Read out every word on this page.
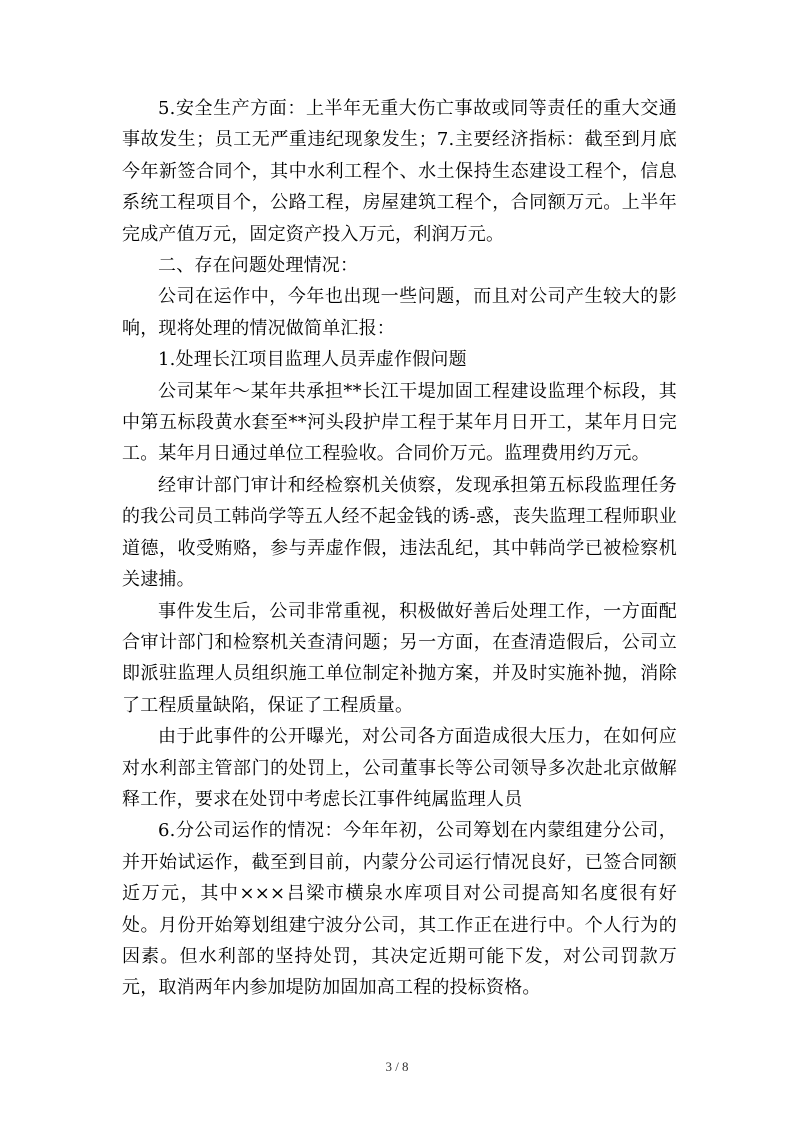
5.安全生产方面：上半年无重大伤亡事故或同等责任的重大交通事故发生；员工无严重违纪现象发生；7.主要经济指标：截至到月底今年新签合同个，其中水利工程个、水土保持生态建设工程个，信息系统工程项目个，公路工程，房屋建筑工程个，合同额万元。上半年完成产值万元，固定资产投入万元，利润万元。

二、存在问题处理情况：

公司在运作中，今年也出现一些问题，而且对公司产生较大的影响，现将处理的情况做简单汇报：

1.处理长江项目监理人员弄虚作假问题

公司某年～某年共承担**长江干堤加固工程建设监理个标段，其中第五标段黄水套至**河头段护岸工程于某年月日开工，某年月日完工。某年月日通过单位工程验收。合同价万元。监理费用约万元。

经审计部门审计和经检察机关侦察，发现承担第五标段监理任务的我公司员工韩尚学等五人经不起金钱的诱-惑，丧失监理工程师职业道德，收受贿赂，参与弄虚作假，违法乱纪，其中韩尚学已被检察机关逮捕。

事件发生后，公司非常重视，积极做好善后处理工作，一方面配合审计部门和检察机关查清问题；另一方面，在查清造假后，公司立即派驻监理人员组织施工单位制定补抛方案，并及时实施补抛，消除了工程质量缺陷，保证了工程质量。

由于此事件的公开曝光，对公司各方面造成很大压力，在如何应对水利部主管部门的处罚上，公司董事长等公司领导多次赴北京做解释工作，要求在处罚中考虑长江事件纯属监理人员

6.分公司运作的情况：今年年初，公司筹划在内蒙组建分公司，并开始试运作，截至到目前，内蒙分公司运行情况良好，已签合同额近万元，其中×××吕梁市横泉水库项目对公司提高知名度很有好处。月份开始筹划组建宁波分公司，其工作正在进行中。个人行为的因素。但水利部的坚持处罚，其决定近期可能下发，对公司罚款万元，取消两年内参加堤防加固加高工程的投标资格。

3 / 8
